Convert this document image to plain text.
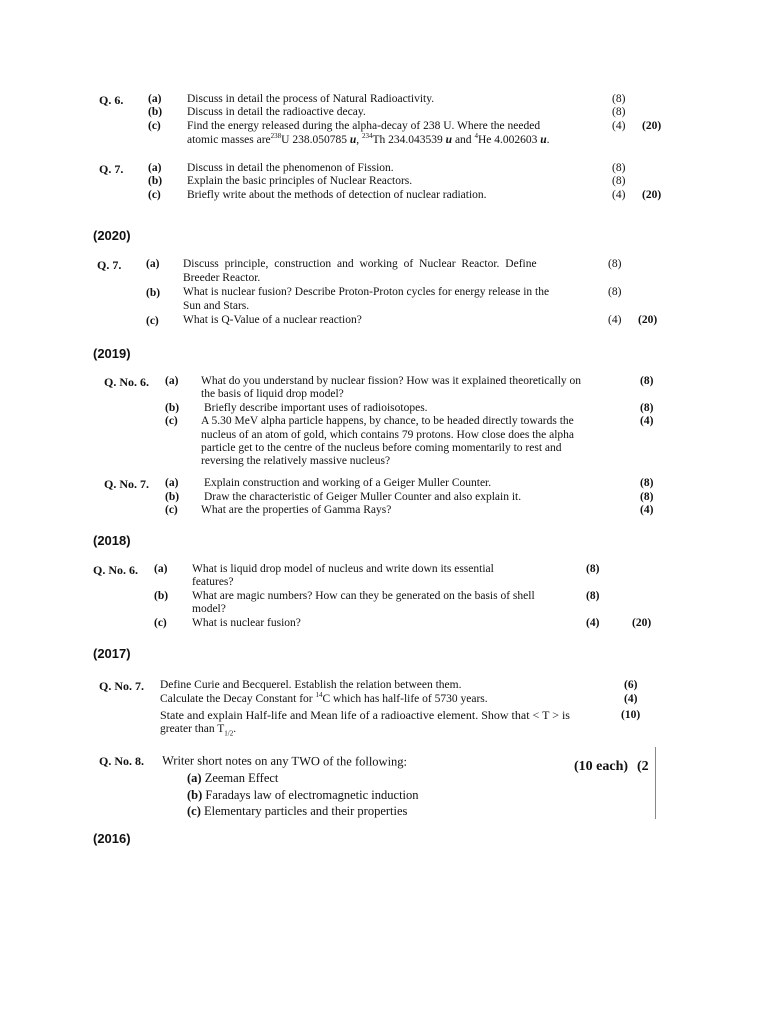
Q. 6. (a) Discuss in detail the process of Natural Radioactivity.	(8)
(b) Discuss in detail the radioactive decay.	(8)
(c) Find the energy released during the alpha-decay of 238 U. Where the needed	(4) (20)
atomic masses are$^{238}$U 238.050785 u, $^{234}$Th 234.043539 u and $^4$He 4.002603 u.
Q. 7. (a) Discuss in detail the phenomenon of Fission.	(8)
(b) Explain the basic principles of Nuclear Reactors.	(8)
(c) Briefly write about the methods of detection of nuclear radiation.	(4) (20)
(2020)
Q. 7. (a) Discuss principle, construction and working of Nuclear Reactor. Define	(8)
Breeder Reactor.
(b) What is nuclear fusion? Describe Proton-Proton cycles for energy release in the	(8)
Sun and Stars.
(c) What is Q-Value of a nuclear reaction?	(4) (20)
(2019)
Q. No. 6. (a) What do you understand by nuclear fission? How was it explained theoretically on	(8)
the basis of liquid drop model?
(b) Briefly describe important uses of radioisotopes.	(8)
(c) A 5.30 MeV alpha particle happens, by chance, to be headed directly towards the	(4)
nucleus of an atom of gold, which contains 79 protons. How close does the alpha
particle get to the centre of the nucleus before coming momentarily to rest and
reversing the relatively massive nucleus?
Q. No. 7. (a) Explain construction and working of a Geiger Muller Counter.	(8)
(b) Draw the characteristic of Geiger Muller Counter and also explain it.	(8)
(c) What are the properties of Gamma Rays?	(4)
(2018)
Q. No. 6. (a) What is liquid drop model of nucleus and write down its essential	(8)
features?
(b) What are magic numbers? How can they be generated on the basis of shell	(8)
model?
(c) What is nuclear fusion?	(4)	(20)
(2017)
Q. No. 7. Define Curie and Becquerel. Establish the relation between them.	(6)
Calculate the Decay Constant for $^{14}$C which has half-life of 5730 years.	(4)
State and explain Half-life and Mean life of a radioactive element. Show that < T > is	(10)
greater than $T_{1/2}$.
Q. No. 8. Writer short notes on any TWO of the following:	(10 each) (2
(a) Zeeman Effect
(b) Faradays law of electromagnetic induction
(c) Elementary particles and their properties
(2016)
